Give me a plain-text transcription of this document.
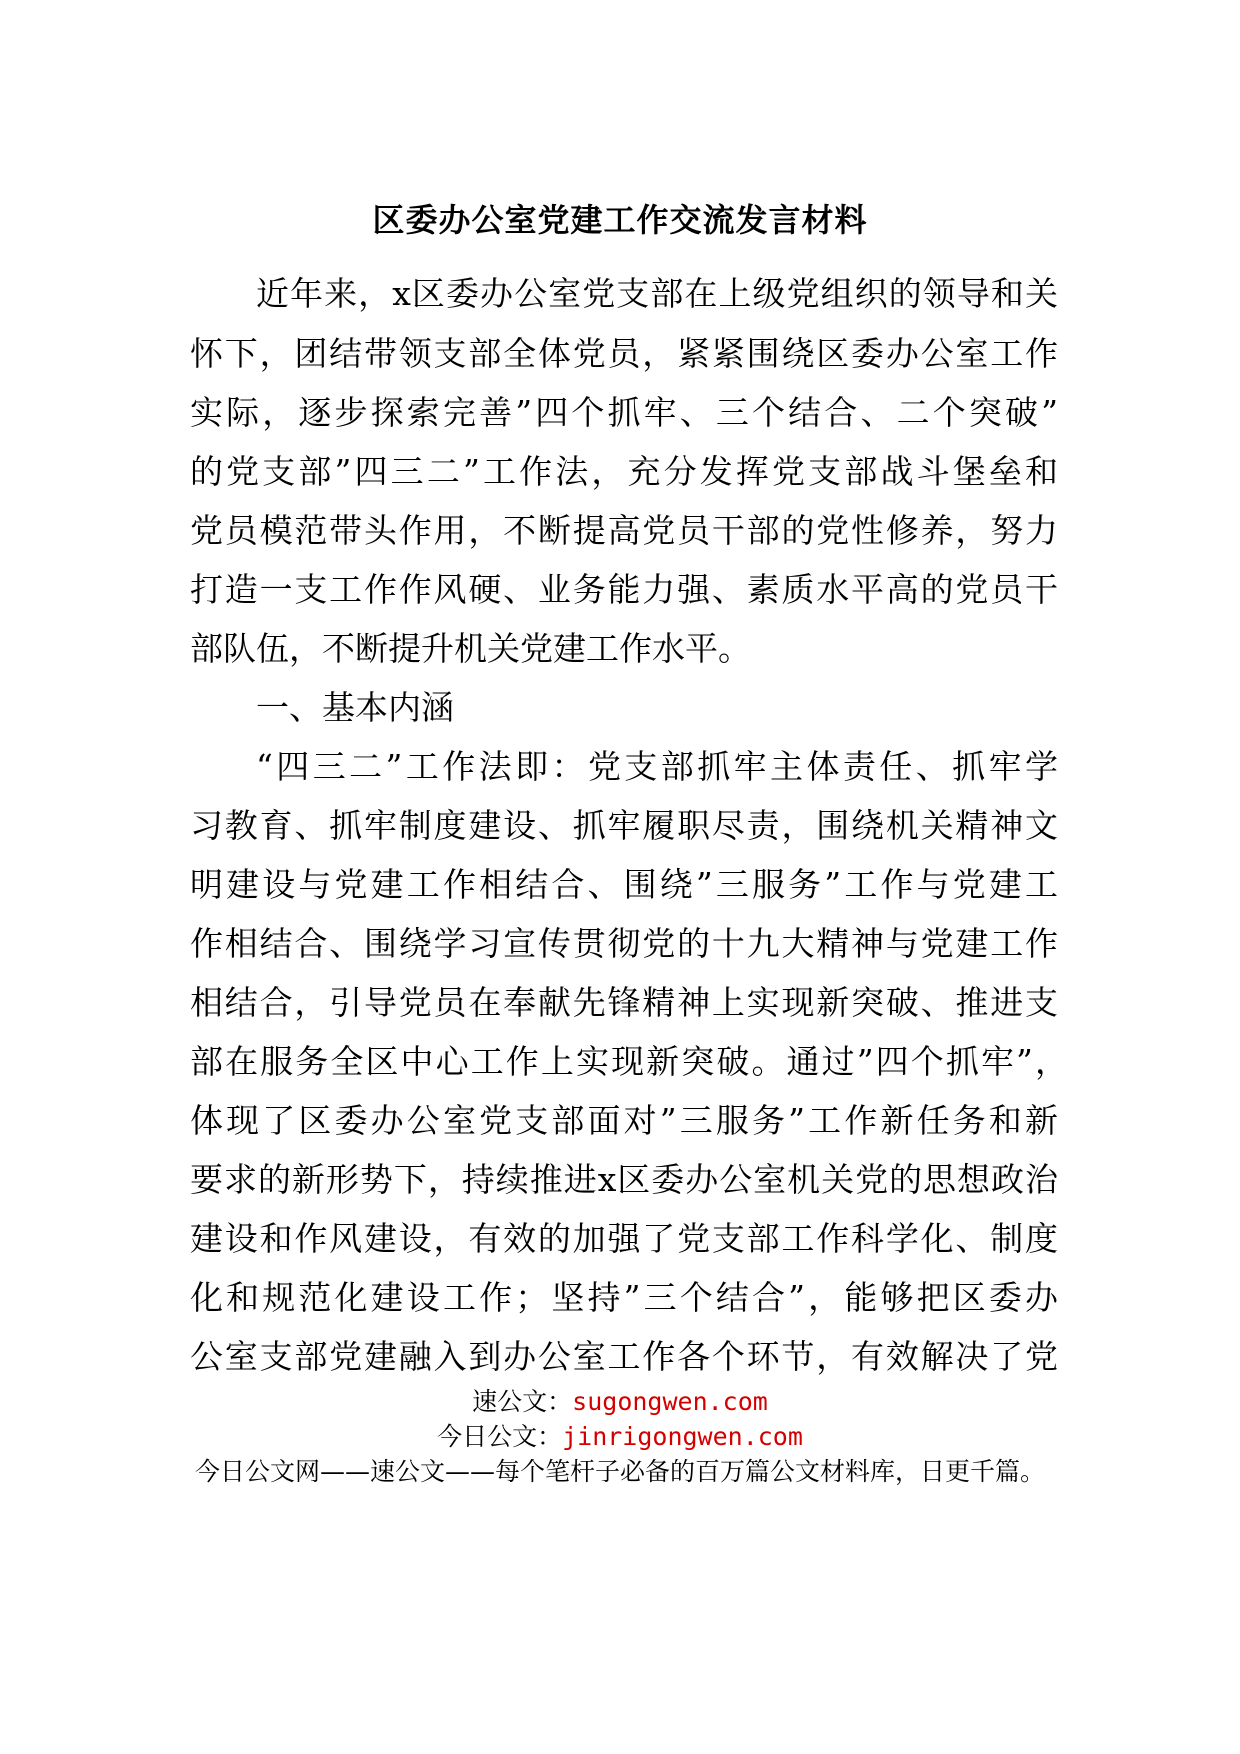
区委办公室党建工作交流发言材料
近年来，x区委办公室党支部在上级党组织的领导和关
怀下，团结带领支部全体党员，紧紧围绕区委办公室工作
实际，逐步探索完善”四个抓牢、三个结合、二个突破”
的党支部”四三二”工作法，充分发挥党支部战斗堡垒和
党员模范带头作用，不断提高党员干部的党性修养，努力
打造一支工作作风硬、业务能力强、素质水平高的党员干
部队伍，不断提升机关党建工作水平。
一、基本内涵
“四三二”工作法即：党支部抓牢主体责任、抓牢学
习教育、抓牢制度建设、抓牢履职尽责，围绕机关精神文
明建设与党建工作相结合、围绕”三服务”工作与党建工
作相结合、围绕学习宣传贯彻党的十九大精神与党建工作
相结合，引导党员在奉献先锋精神上实现新突破、推进支
部在服务全区中心工作上实现新突破。通过”四个抓牢”，
体现了区委办公室党支部面对”三服务”工作新任务和新
要求的新形势下，持续推进x区委办公室机关党的思想政治
建设和作风建设，有效的加强了党支部工作科学化、制度
化和规范化建设工作；坚持”三个结合”，能够把区委办
公室支部党建融入到办公室工作各个环节，有效解决了党
速公文：sugongwen.com
今日公文：jinrigongwen.com
今日公文网——速公文——每个笔杆子必备的百万篇公文材料库，日更千篇。
